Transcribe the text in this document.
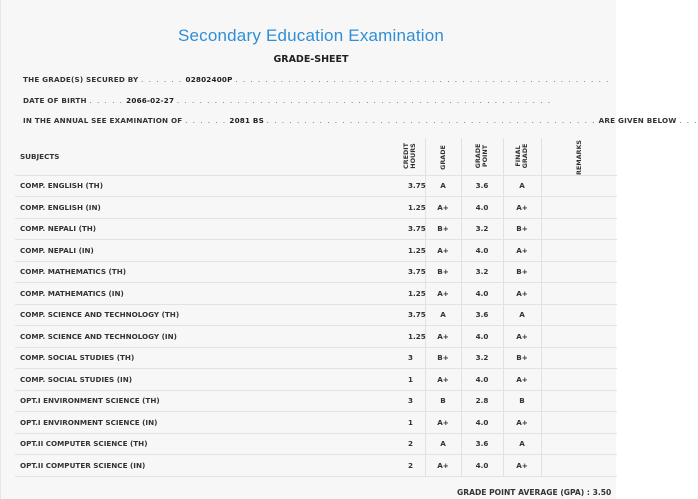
Secondary Education Examination
GRADE-SHEET
THE GRADE(S) SECURED BY . . . . . . 02802400P . . . . . . . . . . . . . . . . . . . . . . . . . . . . . . . . . . . . . . . . . . . . . . . . . .
DATE OF BIRTH . . . . . 2066-02-27 . . . . . . . . . . . . . . . . . . . . . . . . . . . . . . . . . . . . . . . . . . . . . . . . . .
IN THE ANNUAL SEE EXAMINATION OF . . . . . . 2081 BS . . . . . . . . . . . . . . . . . . . . . . . . . . . . . . . . . . . . . . . . . . . . ARE GIVEN BELOW . . .
SUBJECTS	CREDIT HOURS	GRADE	GRADE POINT	FINAL GRADE	REMARKS
COMP. ENGLISH (TH)	3.75	A	3.6	A	
COMP. ENGLISH (IN)	1.25	A+	4.0	A+	
COMP. NEPALI (TH)	3.75	B+	3.2	B+	
COMP. NEPALI (IN)	1.25	A+	4.0	A+	
COMP. MATHEMATICS (TH)	3.75	B+	3.2	B+	
COMP. MATHEMATICS (IN)	1.25	A+	4.0	A+	
COMP. SCIENCE AND TECHNOLOGY (TH)	3.75	A	3.6	A	
COMP. SCIENCE AND TECHNOLOGY (IN)	1.25	A+	4.0	A+	
COMP. SOCIAL STUDIES (TH)	3	B+	3.2	B+	
COMP. SOCIAL STUDIES (IN)	1	A+	4.0	A+	
OPT.I ENVIRONMENT SCIENCE (TH)	3	B	2.8	B	
OPT.I ENVIRONMENT SCIENCE (IN)	1	A+	4.0	A+	
OPT.II COMPUTER SCIENCE (TH)	2	A	3.6	A	
OPT.II COMPUTER SCIENCE (IN)	2	A+	4.0	A+	
GRADE POINT AVERAGE (GPA) : 3.50
